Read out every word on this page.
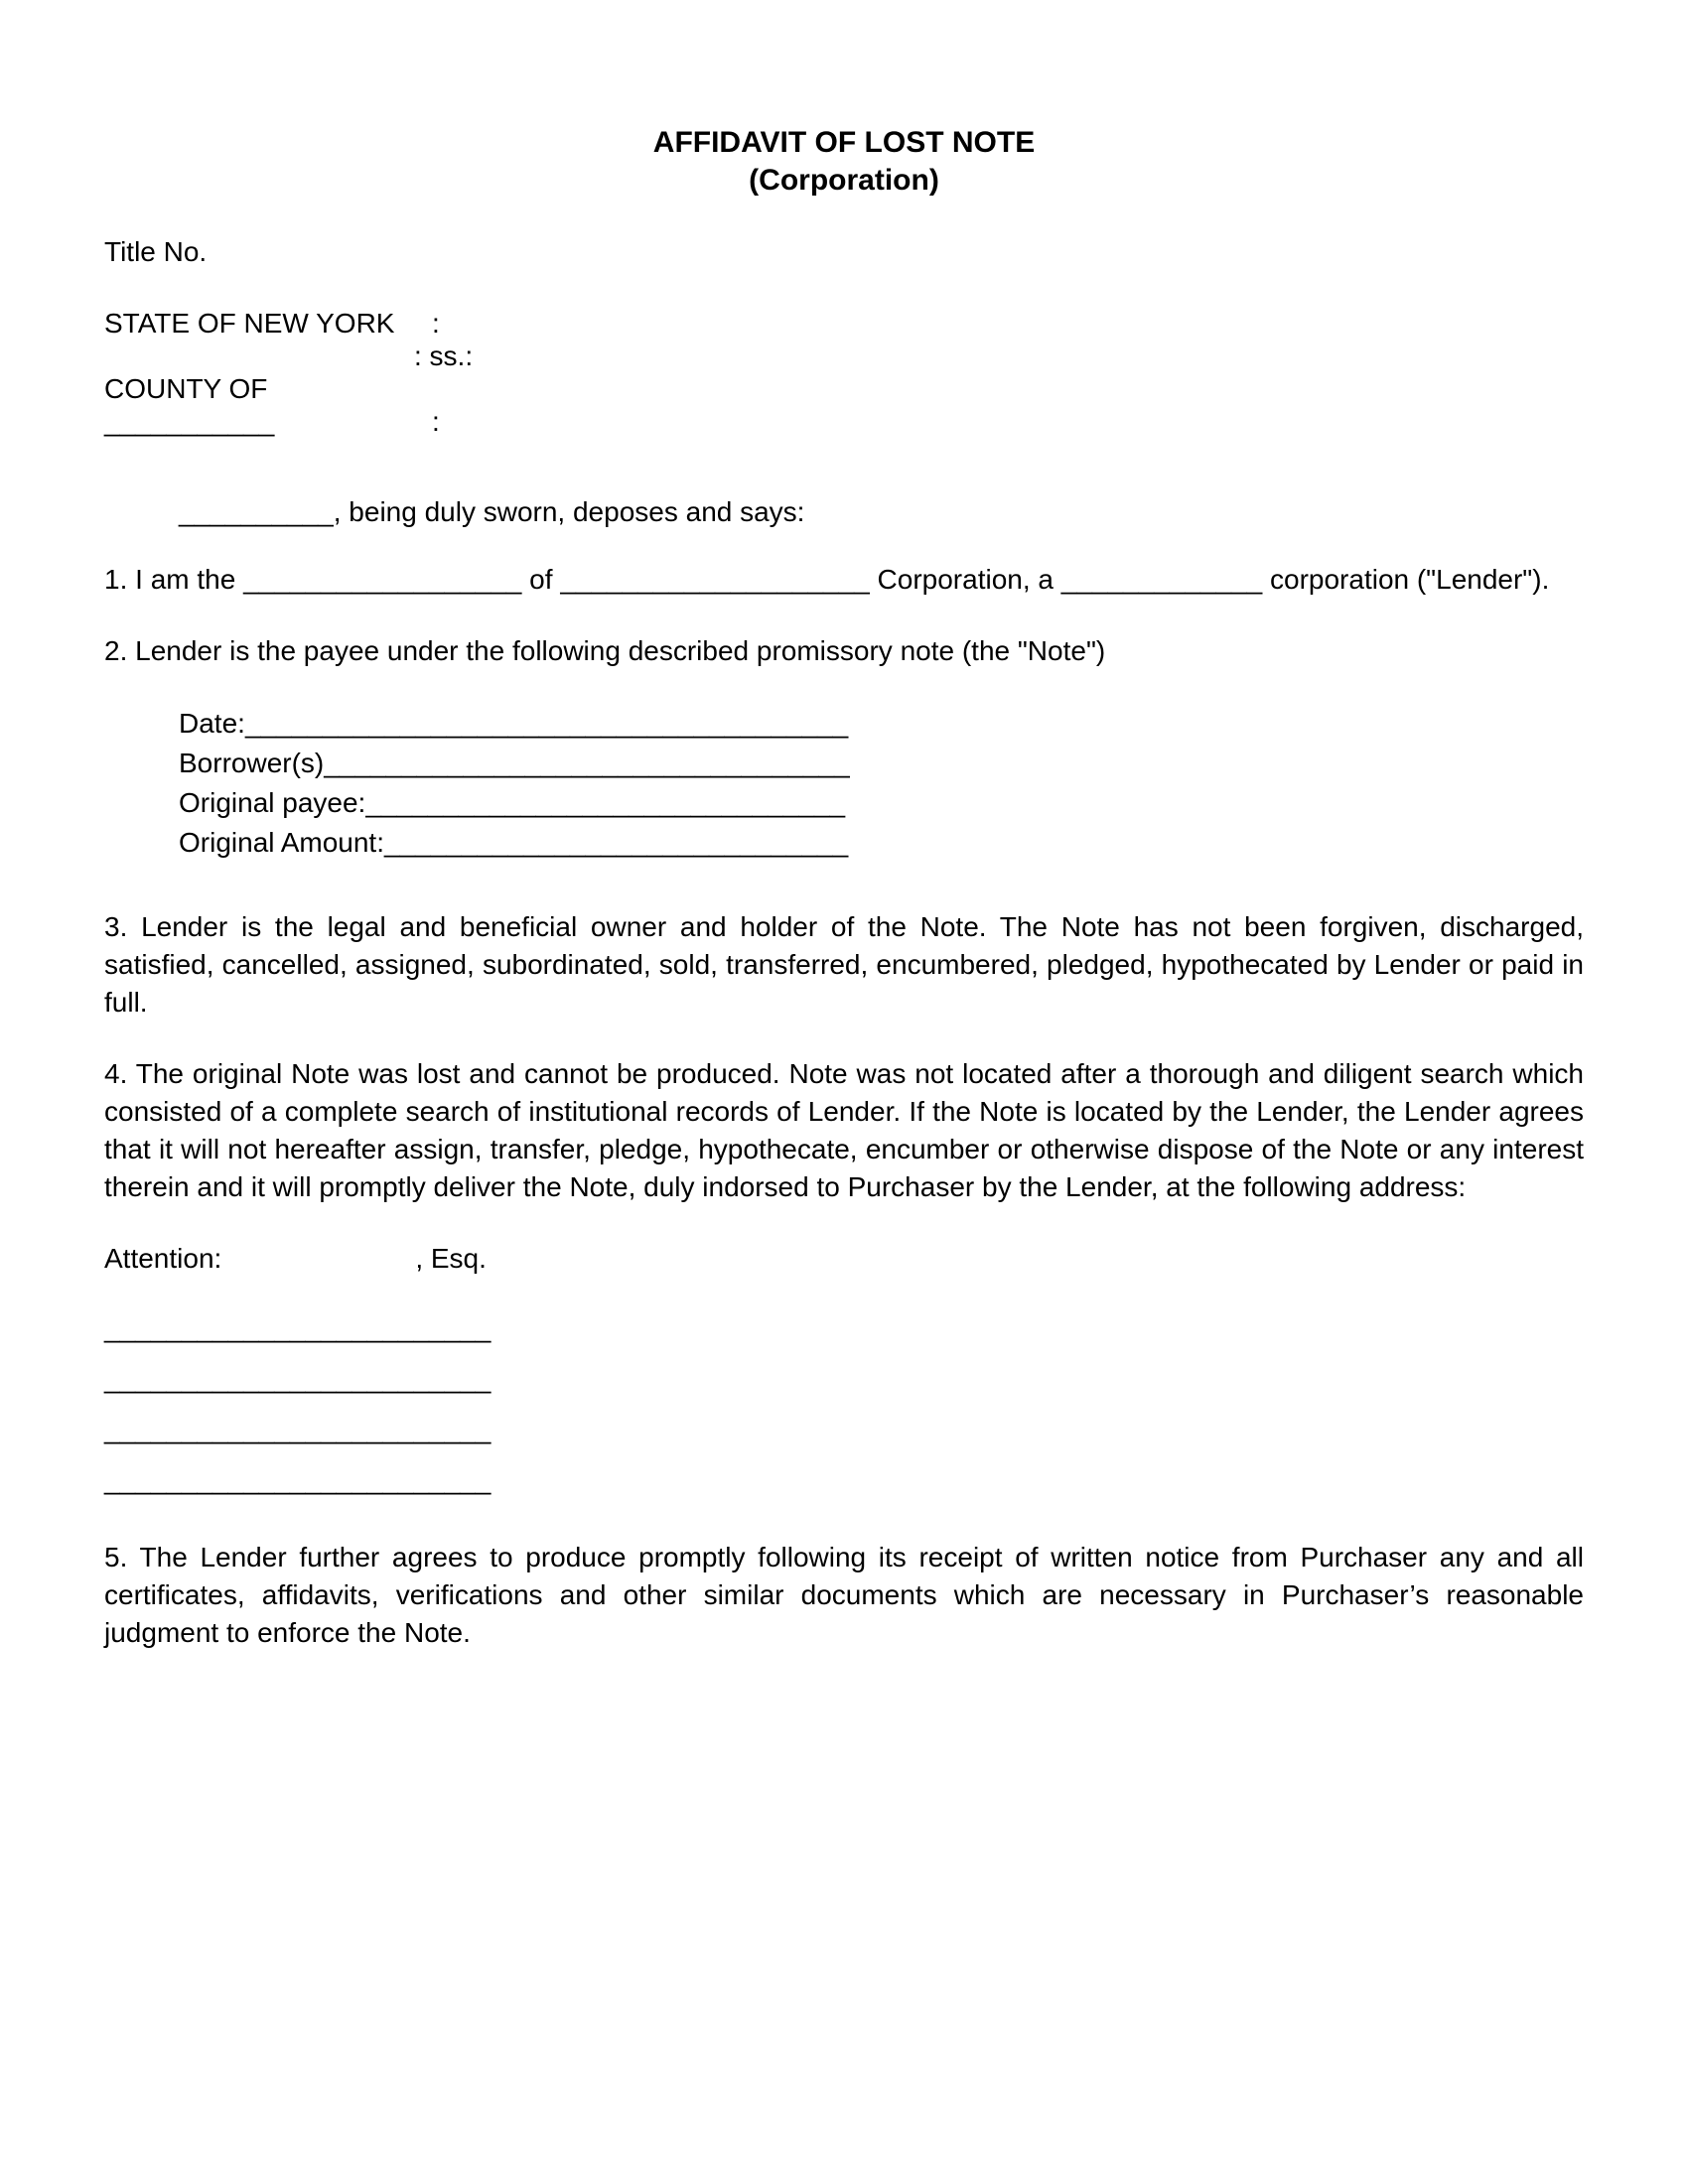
AFFIDAVIT OF LOST NOTE
(Corporation)

Title No.

STATE OF NEW YORK :
: ss.:
COUNTY OF ___________	:

__________, being duly sworn, deposes and says:

1. I am the __________________ of ____________________ Corporation, a _____________ corporation ("Lender").

2. Lender is the payee under the following described promissory note (the "Note")

Date:_______________________________________
Borrower(s)__________________________________
Original payee:_______________________________
Original Amount:______________________________

3. Lender is the legal and beneficial owner and holder of the Note. The Note has not been forgiven, discharged, satisfied, cancelled, assigned, subordinated, sold, transferred, encumbered, pledged, hypothecated by Lender or paid in full.

4. The original Note was lost and cannot be produced. Note was not located after a thorough and diligent search which consisted of a complete search of institutional records of Lender. If the Note is located by the Lender, the Lender agrees that it will not hereafter assign, transfer, pledge, hypothecate, encumber or otherwise dispose of the Note or any interest therein and it will promptly deliver the Note, duly indorsed to Purchaser by the Lender, at the following address:

Attention:	, Esq.

_________________________
_________________________
_________________________
_________________________

5. The Lender further agrees to produce promptly following its receipt of written notice from Purchaser any and all certificates, affidavits, verifications and other similar documents which are necessary in Purchaser’s reasonable judgment to enforce the Note.
